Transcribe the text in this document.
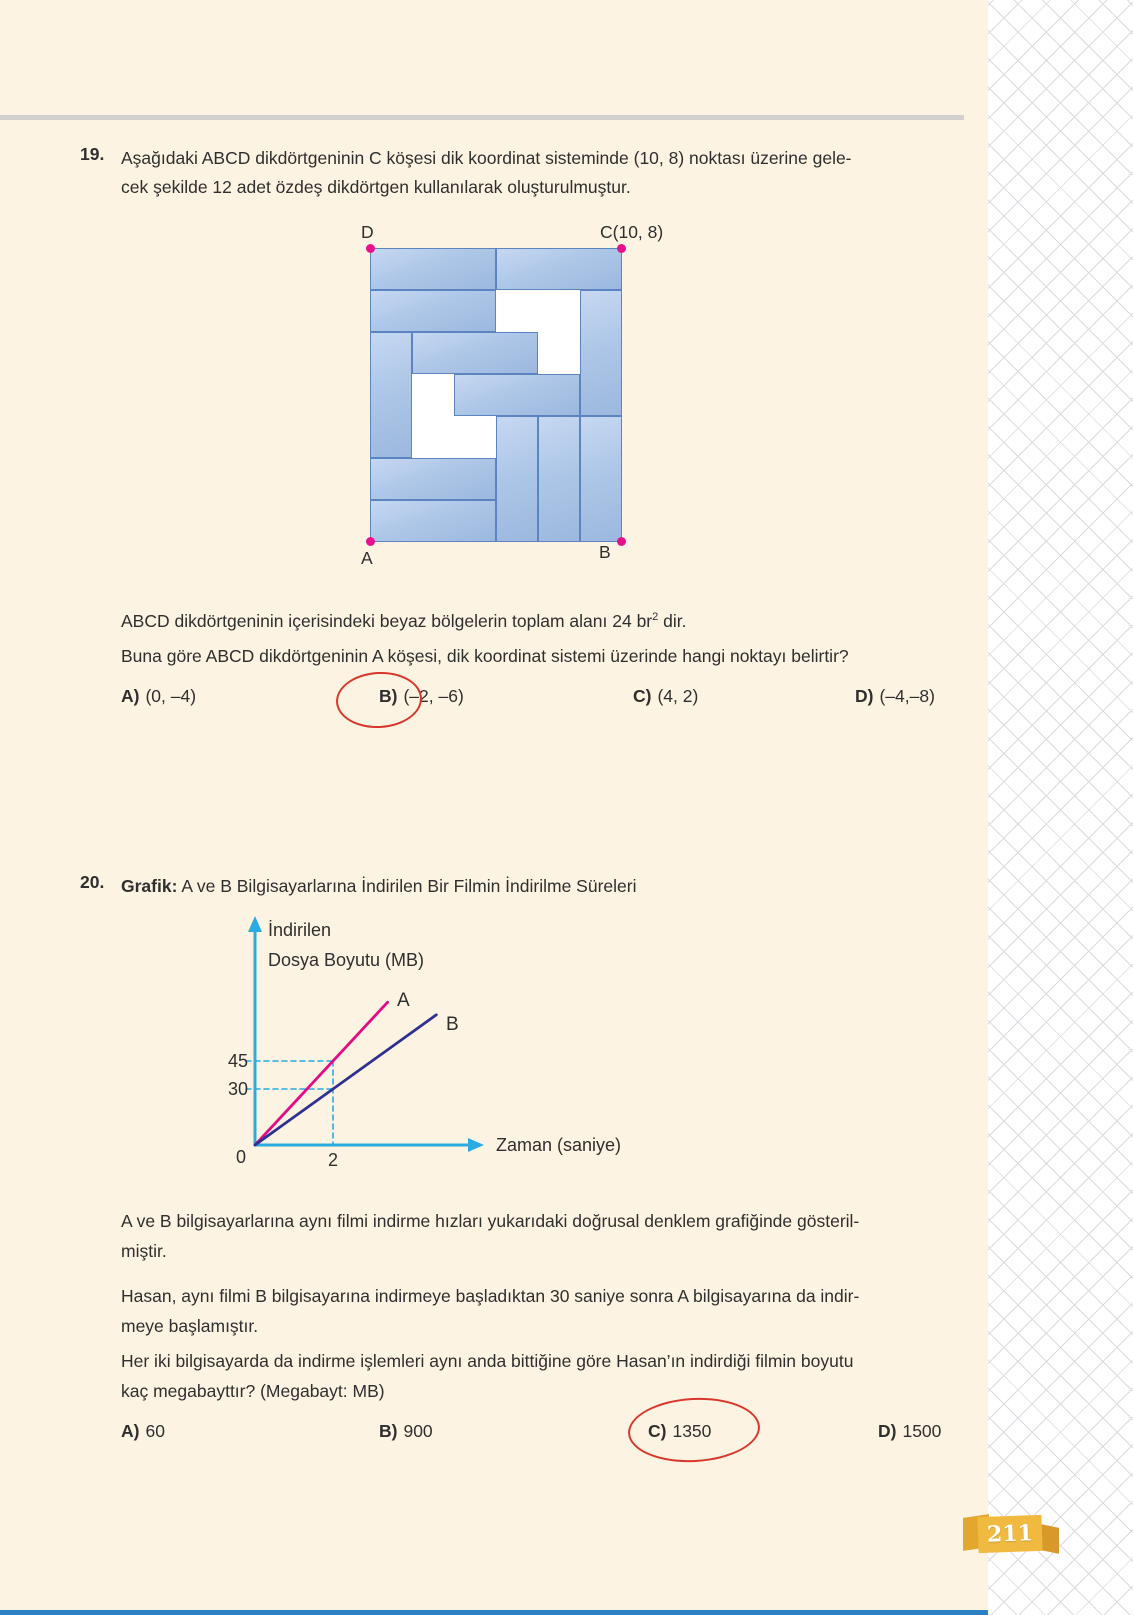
19. Aşağıdaki ABCD dikdörtgeninin C köşesi dik koordinat sisteminde (10, 8) noktası üzerine gele-
cek şekilde 12 adet özdeş dikdörtgen kullanılarak oluşturulmuştur.
D	C(10, 8)
A	B
ABCD dikdörtgeninin içerisindeki beyaz bölgelerin toplam alanı 24 $br^2$ dir.
Buna göre ABCD dikdörtgeninin A köşesi, dik koordinat sistemi üzerinde hangi noktayı belirtir?
A) (0, –4)	B) (–2, –6)	C) (4, 2)	D) (–4,–8)
20. Grafik: A ve B Bilgisayarlarına İndirilen Bir Filmin İndirilme Süreleri
A
B
45
30
0	2
İndirilen
Dosya Boyutu (MB)
Zaman (saniye)
A ve B bilgisayarlarına aynı filmi indirme hızları yukarıdaki doğrusal denklem grafiğinde gösteril-
miştir.
Hasan, aynı filmi B bilgisayarına indirmeye başladıktan 30 saniye sonra A bilgisayarına da indir-
meye başlamıştır.
Her iki bilgisayarda da indirme işlemleri aynı anda bittiğine göre Hasan’ın indirdiği filmin boyutu
kaç megabayttır? (Megabayt: MB)
A) 60	B) 900	C) 1350	D) 1500
211
